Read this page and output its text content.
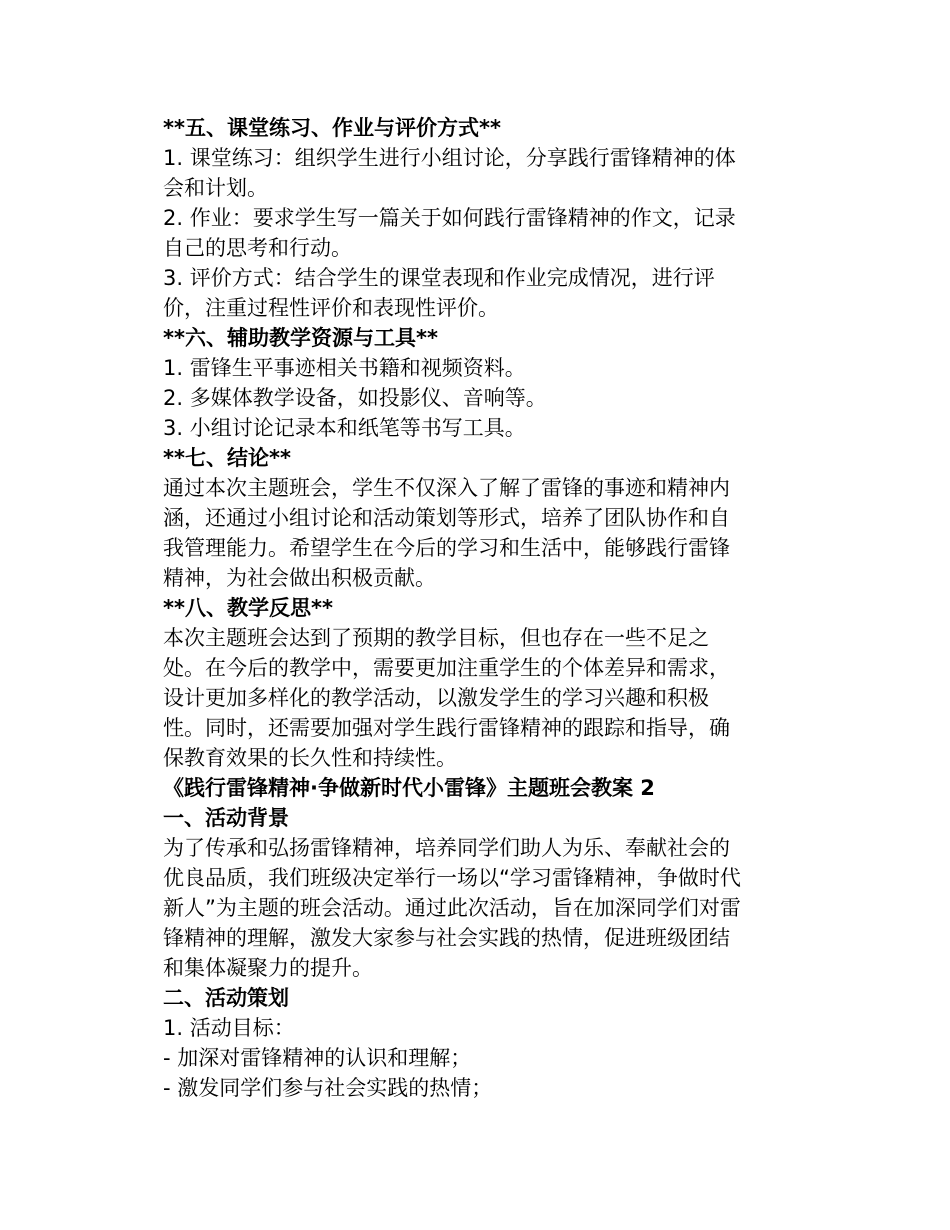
**五、课堂练习、作业与评价方式**
1. 课堂练习：组织学生进行小组讨论，分享践行雷锋精神的体
会和计划。
2. 作业：要求学生写一篇关于如何践行雷锋精神的作文，记录
自己的思考和行动。
3. 评价方式：结合学生的课堂表现和作业完成情况，进行评
价，注重过程性评价和表现性评价。
**六、辅助教学资源与工具**
1. 雷锋生平事迹相关书籍和视频资料。
2. 多媒体教学设备，如投影仪、音响等。
3. 小组讨论记录本和纸笔等书写工具。
**七、结论**
通过本次主题班会，学生不仅深入了解了雷锋的事迹和精神内
涵，还通过小组讨论和活动策划等形式，培养了团队协作和自
我管理能力。希望学生在今后的学习和生活中，能够践行雷锋
精神，为社会做出积极贡献。
**八、教学反思**
本次主题班会达到了预期的教学目标，但也存在一些不足之
处。在今后的教学中，需要更加注重学生的个体差异和需求，
设计更加多样化的教学活动，以激发学生的学习兴趣和积极
性。同时，还需要加强对学生践行雷锋精神的跟踪和指导，确
保教育效果的长久性和持续性。
《践行雷锋精神·争做新时代小雷锋》主题班会教案 2
一、活动背景
为了传承和弘扬雷锋精神，培养同学们助人为乐、奉献社会的
优良品质，我们班级决定举行一场以“学习雷锋精神，争做时代
新人”为主题的班会活动。通过此次活动，旨在加深同学们对雷
锋精神的理解，激发大家参与社会实践的热情，促进班级团结
和集体凝聚力的提升。
二、活动策划
1. 活动目标：
- 加深对雷锋精神的认识和理解；
- 激发同学们参与社会实践的热情；
